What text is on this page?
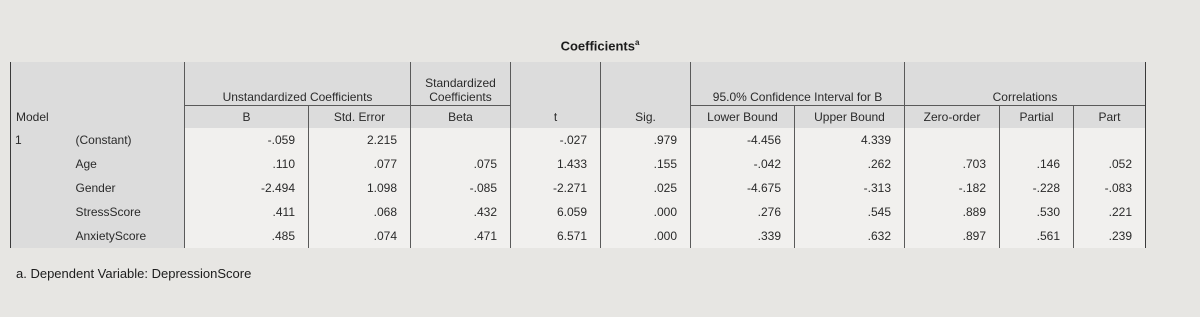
Coefficients$^a$
		Unstandardized Coefficients		Standardized
Coefficients			95.0% Confidence Interval for B		Correlations		
Model		B	Std. Error	Beta	t	Sig.	Lower Bound	Upper Bound	Zero-order	Partial	Part
1	(Constant)	-.059	2.215		-.027	.979	-4.456	4.339			
	Age	.110	.077	.075	1.433	.155	-.042	.262	.703	.146	.052
	Gender	-2.494	1.098	-.085	-2.271	.025	-4.675	-.313	-.182	-.228	-.083
	StressScore	.411	.068	.432	6.059	.000	.276	.545	.889	.530	.221
	AnxietyScore	.485	.074	.471	6.571	.000	.339	.632	.897	.561	.239
a. Dependent Variable: DepressionScore
